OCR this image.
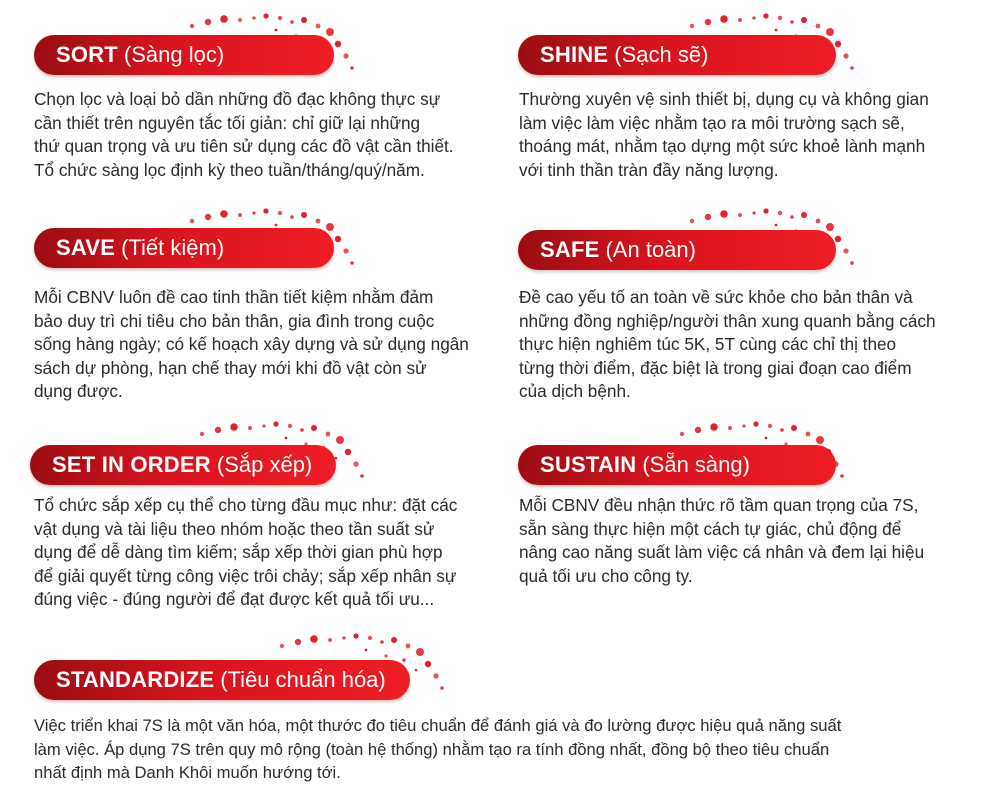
SORT (Sàng lọc)

Chọn lọc và loại bỏ dần những đồ đạc không thực sự
cần thiết trên nguyên tắc tối giản: chỉ giữ lại những
thứ quan trọng và ưu tiên sử dụng các đồ vật cần thiết.
Tổ chức sàng lọc định kỳ theo tuần/tháng/quý/năm.

SHINE (Sạch sẽ)

Thường xuyên vệ sinh thiết bị, dụng cụ và không gian
làm việc làm việc nhằm tạo ra môi trường sạch sẽ,
thoáng mát, nhằm tạo dựng một sức khoẻ lành mạnh
với tinh thần tràn đầy năng lượng.

SAVE (Tiết kiệm)

Mỗi CBNV luôn đề cao tinh thần tiết kiệm nhằm đảm
bảo duy trì chi tiêu cho bản thân, gia đình trong cuộc
sống hàng ngày; có kế hoạch xây dựng và sử dụng ngân
sách dự phòng, hạn chế thay mới khi đồ vật còn sử
dụng được.

SAFE (An toàn)

Đề cao yếu tố an toàn về sức khỏe cho bản thân và
những đồng nghiệp/người thân xung quanh bằng cách
thực hiện nghiêm túc 5K, 5T cùng các chỉ thị theo
từng thời điểm, đặc biệt là trong giai đoạn cao điểm
của dịch bệnh.

SET IN ORDER (Sắp xếp)

Tổ chức sắp xếp cụ thể cho từng đầu mục như: đặt các
vật dụng và tài liệu theo nhóm hoặc theo tần suất sử
dụng để dễ dàng tìm kiếm; sắp xếp thời gian phù hợp
để giải quyết từng công việc trôi chảy; sắp xếp nhân sự
đúng việc - đúng người để đạt được kết quả tối ưu...

SUSTAIN (Sẵn sàng)

Mỗi CBNV đều nhận thức rõ tầm quan trọng của 7S,
sẵn sàng thực hiện một cách tự giác, chủ động để
nâng cao năng suất làm việc cá nhân và đem lại hiệu
quả tối ưu cho công ty.

STANDARDIZE (Tiêu chuẩn hóa)

Việc triển khai 7S là một văn hóa, một thước đo tiêu chuẩn để đánh giá và đo lường được hiệu quả năng suất
làm việc. Áp dụng 7S trên quy mô rộng (toàn hệ thống) nhằm tạo ra tính đồng nhất, đồng bộ theo tiêu chuẩn
nhất định mà Danh Khôi muốn hướng tới.
